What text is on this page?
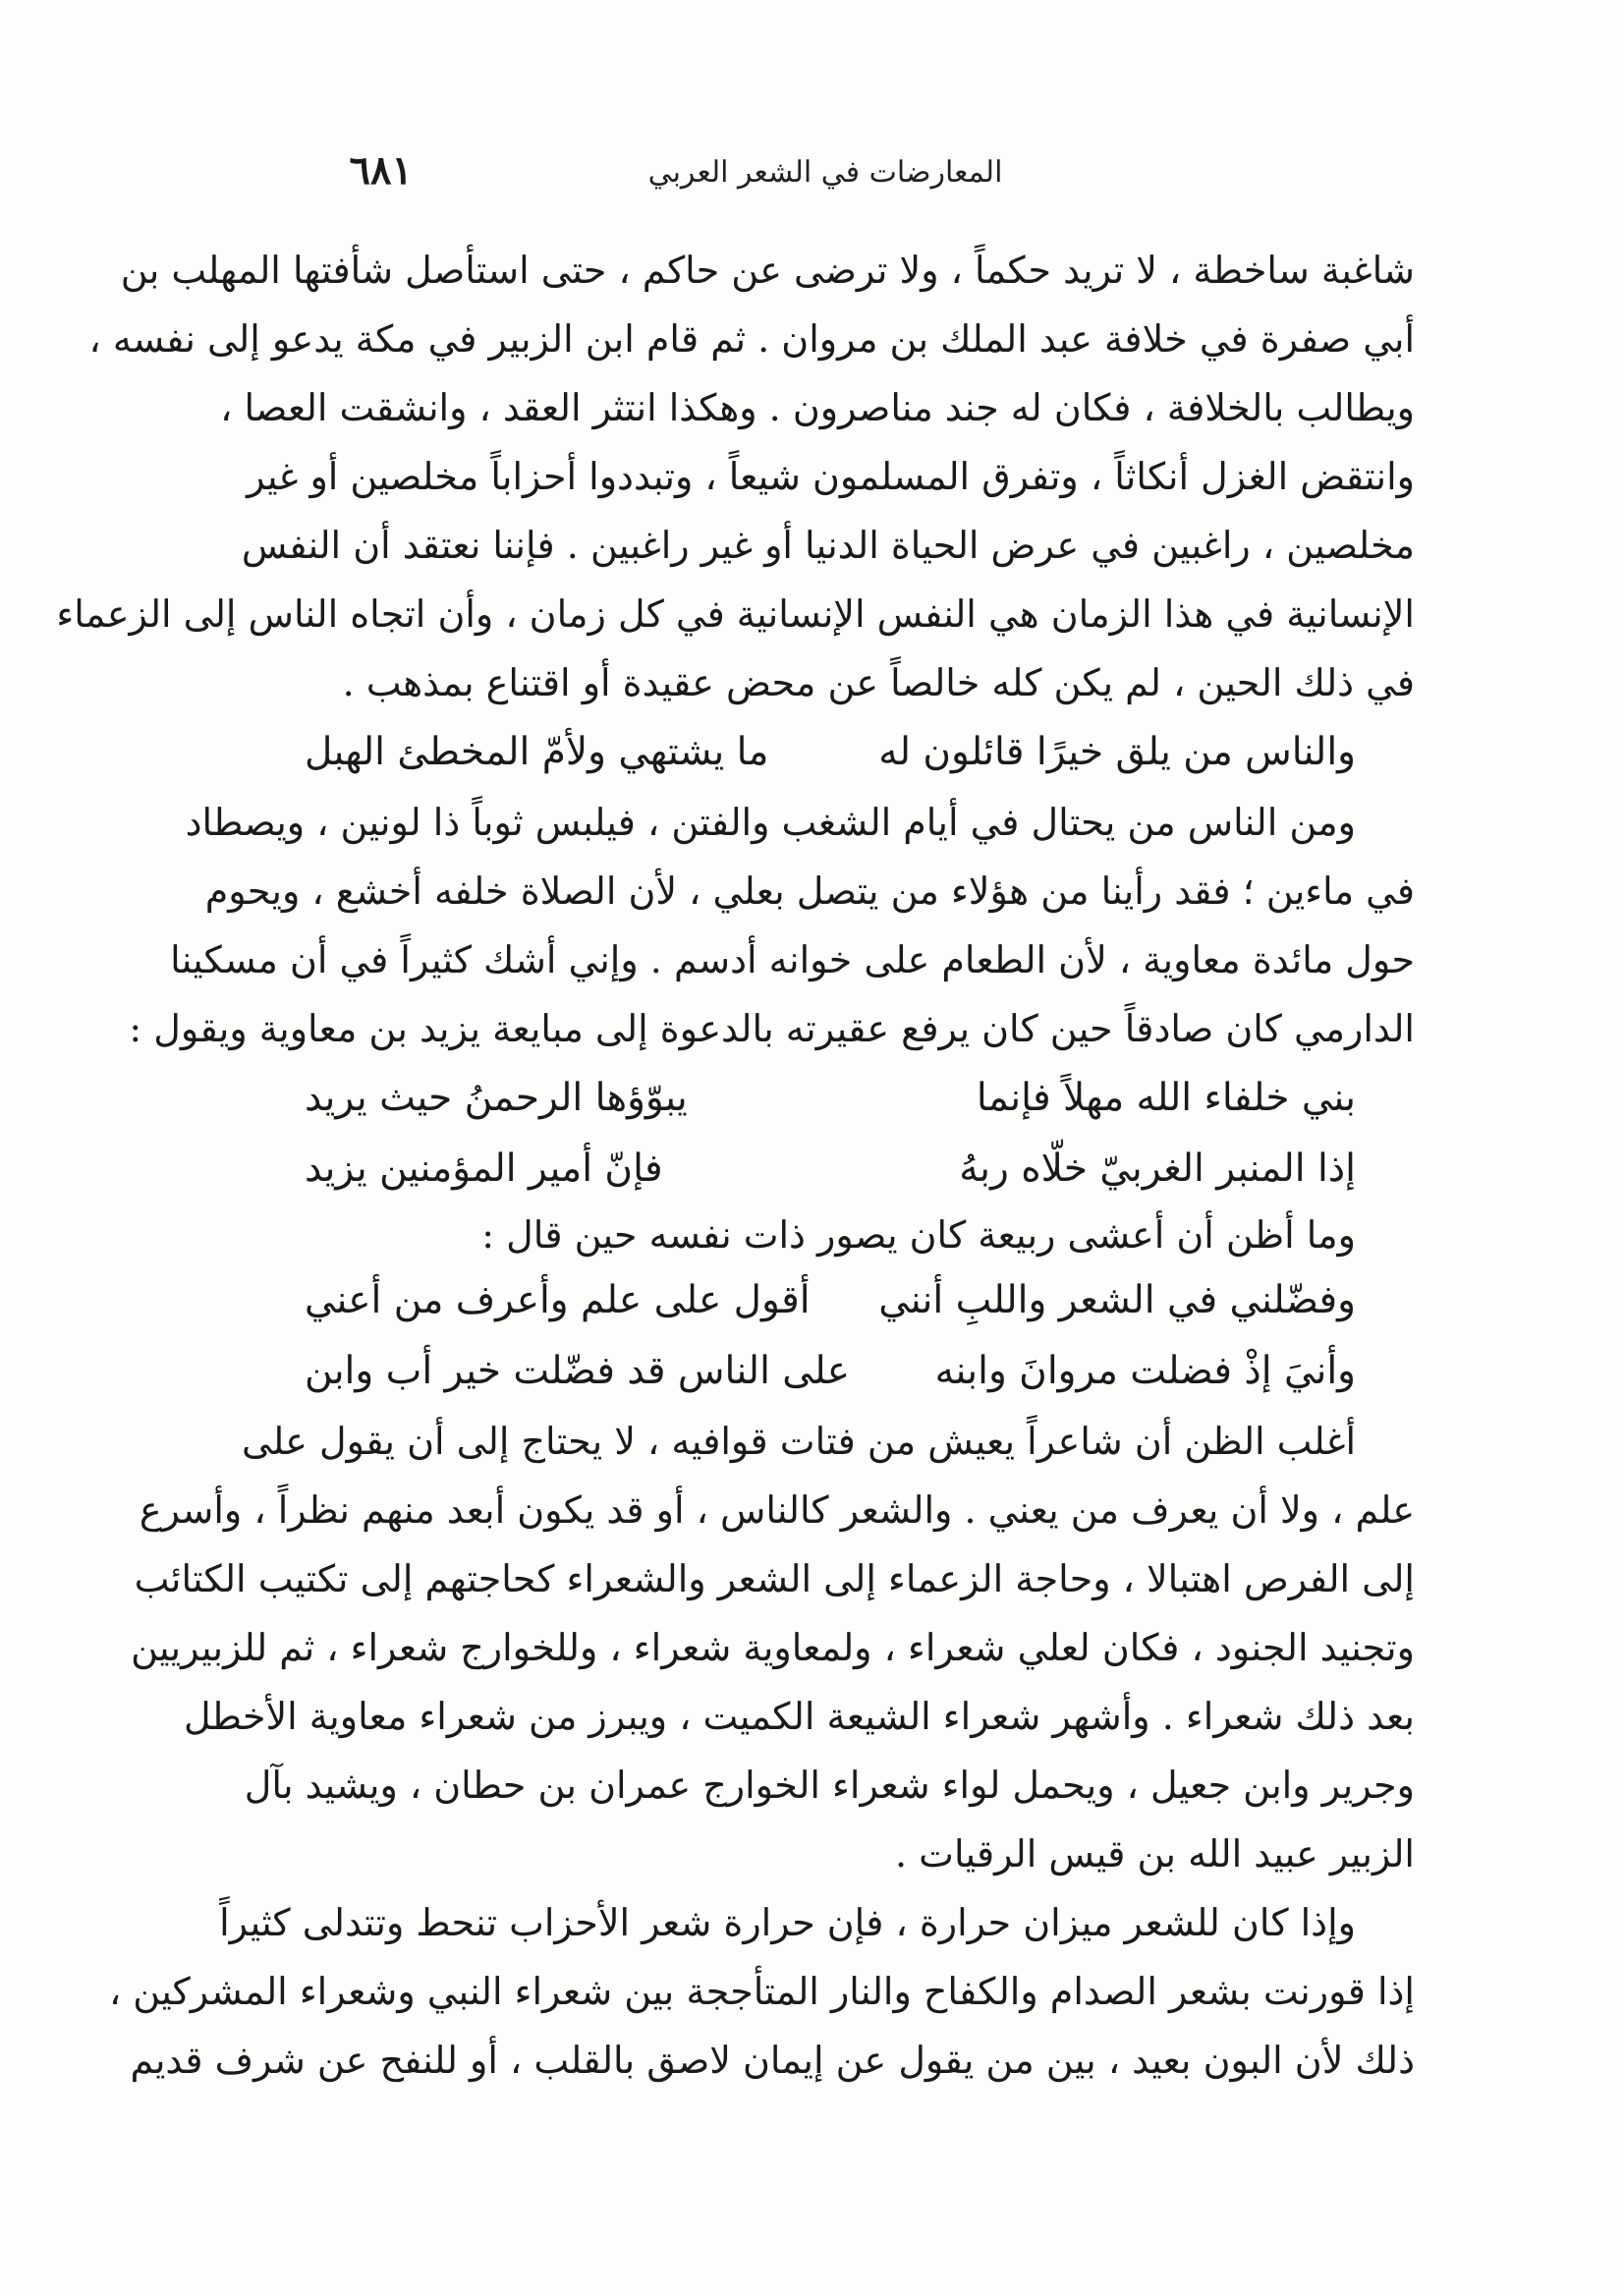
المعارضات في الشعر العربي
٦٨١
شاغبة ساخطة ، لا تريد حكماً ، ولا ترضى عن حاكم ، حتى استأصل شأفتها المهلب بن
أبي صفرة في خلافة عبد الملك بن مروان . ثم قام ابن الزبير في مكة يدعو إلى نفسه ،
ويطالب بالخلافة ، فكان له جند مناصرون . وهكذا انتثر العقد ، وانشقت العصا ،
وانتقض الغزل أنكاثاً ، وتفرق المسلمون شيعاً ، وتبددوا أحزاباً مخلصين أو غير
مخلصين ، راغبين في عرض الحياة الدنيا أو غير راغبين . فإننا نعتقد أن النفس
الإنسانية في هذا الزمان هي النفس الإنسانية في كل زمان ، وأن اتجاه الناس إلى الزعماء
في ذلك الحين ، لم يكن كله خالصاً عن محض عقيدة أو اقتناع بمذهب .
والناس من يلق خيرًا قائلون له
ما يشتهي ولأمّ المخطئ الهبل
ومن الناس من يحتال في أيام الشغب والفتن ، فيلبس ثوباً ذا لونين ، ويصطاد
في ماءين ؛ فقد رأينا من هؤلاء من يتصل بعلي ، لأن الصلاة خلفه أخشع ، ويحوم
حول مائدة معاوية ، لأن الطعام على خوانه أدسم . وإني أشك كثيراً في أن مسكينا
الدارمي كان صادقاً حين كان يرفع عقيرته بالدعوة إلى مبايعة يزيد بن معاوية ويقول :
بني خلفاء الله مهلاً فإنما
يبوّؤها الرحمنُ حيث يريد
إذا المنبر الغربيّ خلّاه ربهُ
فإنّ أمير المؤمنين يزيد
وما أظن أن أعشى ربيعة كان يصور ذات نفسه حين قال :
وفضّلني في الشعر واللبِ أنني
أقول على علم وأعرف من أعني
وأنيَ إذْ فضلت مروانَ وابنه
على الناس قد فضّلت خير أب وابن
أغلب الظن أن شاعراً يعيش من فتات قوافيه ، لا يحتاج إلى أن يقول على
علم ، ولا أن يعرف من يعني . والشعر كالناس ، أو قد يكون أبعد منهم نظراً ، وأسرع
إلى الفرص اهتبالا ، وحاجة الزعماء إلى الشعر والشعراء كحاجتهم إلى تكتيب الكتائب
وتجنيد الجنود ، فكان لعلي شعراء ، ولمعاوية شعراء ، وللخوارج شعراء ، ثم للزبيريين
بعد ذلك شعراء . وأشهر شعراء الشيعة الكميت ، ويبرز من شعراء معاوية الأخطل
وجرير وابن جعيل ، ويحمل لواء شعراء الخوارج عمران بن حطان ، ويشيد بآل
الزبير عبيد الله بن قيس الرقيات .
وإذا كان للشعر ميزان حرارة ، فإن حرارة شعر الأحزاب تنحط وتتدلى كثيراً
إذا قورنت بشعر الصدام والكفاح والنار المتأججة بين شعراء النبي وشعراء المشركين ،
ذلك لأن البون بعيد ، بين من يقول عن إيمان لاصق بالقلب ، أو للنفح عن شرف قديم
